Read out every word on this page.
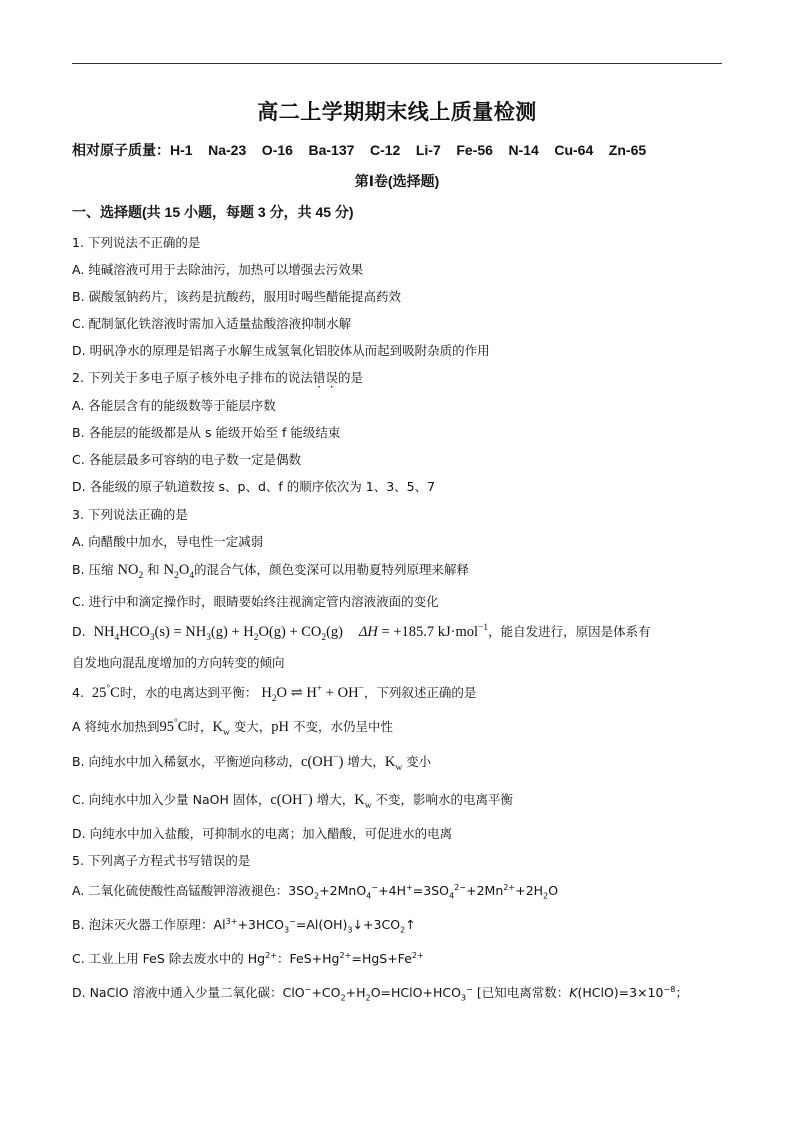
高二上学期期末线上质量检测
相对原子质量：H-1    Na-23    O-16    Ba-137    C-12    Li-7    Fe-56    N-14    Cu-64    Zn-65
第Ⅰ卷(选择题)
一、选择题(共 15 小题，每题 3 分，共 45 分)
1. 下列说法不正确的是
A. 纯碱溶液可用于去除油污，加热可以增强去污效果
B. 碳酸氢钠药片，该药是抗酸药，服用时喝些醋能提高药效
C. 配制氯化铁溶液时需加入适量盐酸溶液抑制水解
D. 明矾净水的原理是铝离子水解生成氢氧化铝胶体从而起到吸附杂质的作用
2. 下列关于多电子原子核外电子排布的说法错误的是
A. 各能层含有的能级数等于能层序数
B. 各能层的能级都是从 s 能级开始至 f 能级结束
C. 各能层最多可容纳的电子数一定是偶数
D. 各能级的原子轨道数按 s、p、d、f 的顺序依次为 1、3、5、7
3. 下列说法正确的是
A. 向醋酸中加水，导电性一定减弱
B. 压缩 $NO_2$ 和 $N_2O_4$的混合气体，颜色变深可以用勒夏特列原理来解释
C. 进行中和滴定操作时，眼睛要始终注视滴定管内溶液液面的变化
D. $NH_4HCO_3(s) = NH_3(g) + H_2O(g) + CO_2(g) \Delta H = +185.7$ kJ·mol$^{-1}$，能自发进行，原因是体系有
自发地向混乱度增加的方向转变的倾向
4. 25°C时，水的电离达到平衡： $H_2O$ ⇌ H+ + OH−，下列叙述正确的是
A 将纯水加热到95°C时，$K_w$ 变大，pH 不变，水仍呈中性
B. 向纯水中加入稀氨水，平衡逆向移动，c(OH−) 增大，$K_w$ 变小
C. 向纯水中加入少量 NaOH 固体，c(OH−) 增大，$K_w$ 不变，影响水的电离平衡
D. 向纯水中加入盐酸，可抑制水的电离；加入醋酸，可促进水的电离
5. 下列离子方程式书写错误的是
A. 二氧化硫使酸性高锰酸钾溶液褪色：$3SO_2+2MnO_4^-+4H^+=3SO_4^{2-}+2Mn^{2+}+2H_2O$
B. 泡沫灭火器工作原理：$Al^{3+}+3HCO_3^-=Al(OH)_3↓+3CO_2↑$
C. 工业上用 FeS 除去废水中的 $Hg^{2+}$：$FeS+Hg^{2+}=HgS+Fe^{2+}$
D. NaClO 溶液中通入少量二氧化碳：$ClO^-+CO_2+H_2O=HClO+HCO_3^-$ [已知电离常数：$K(HClO)=3\times 10^{-8}$；
